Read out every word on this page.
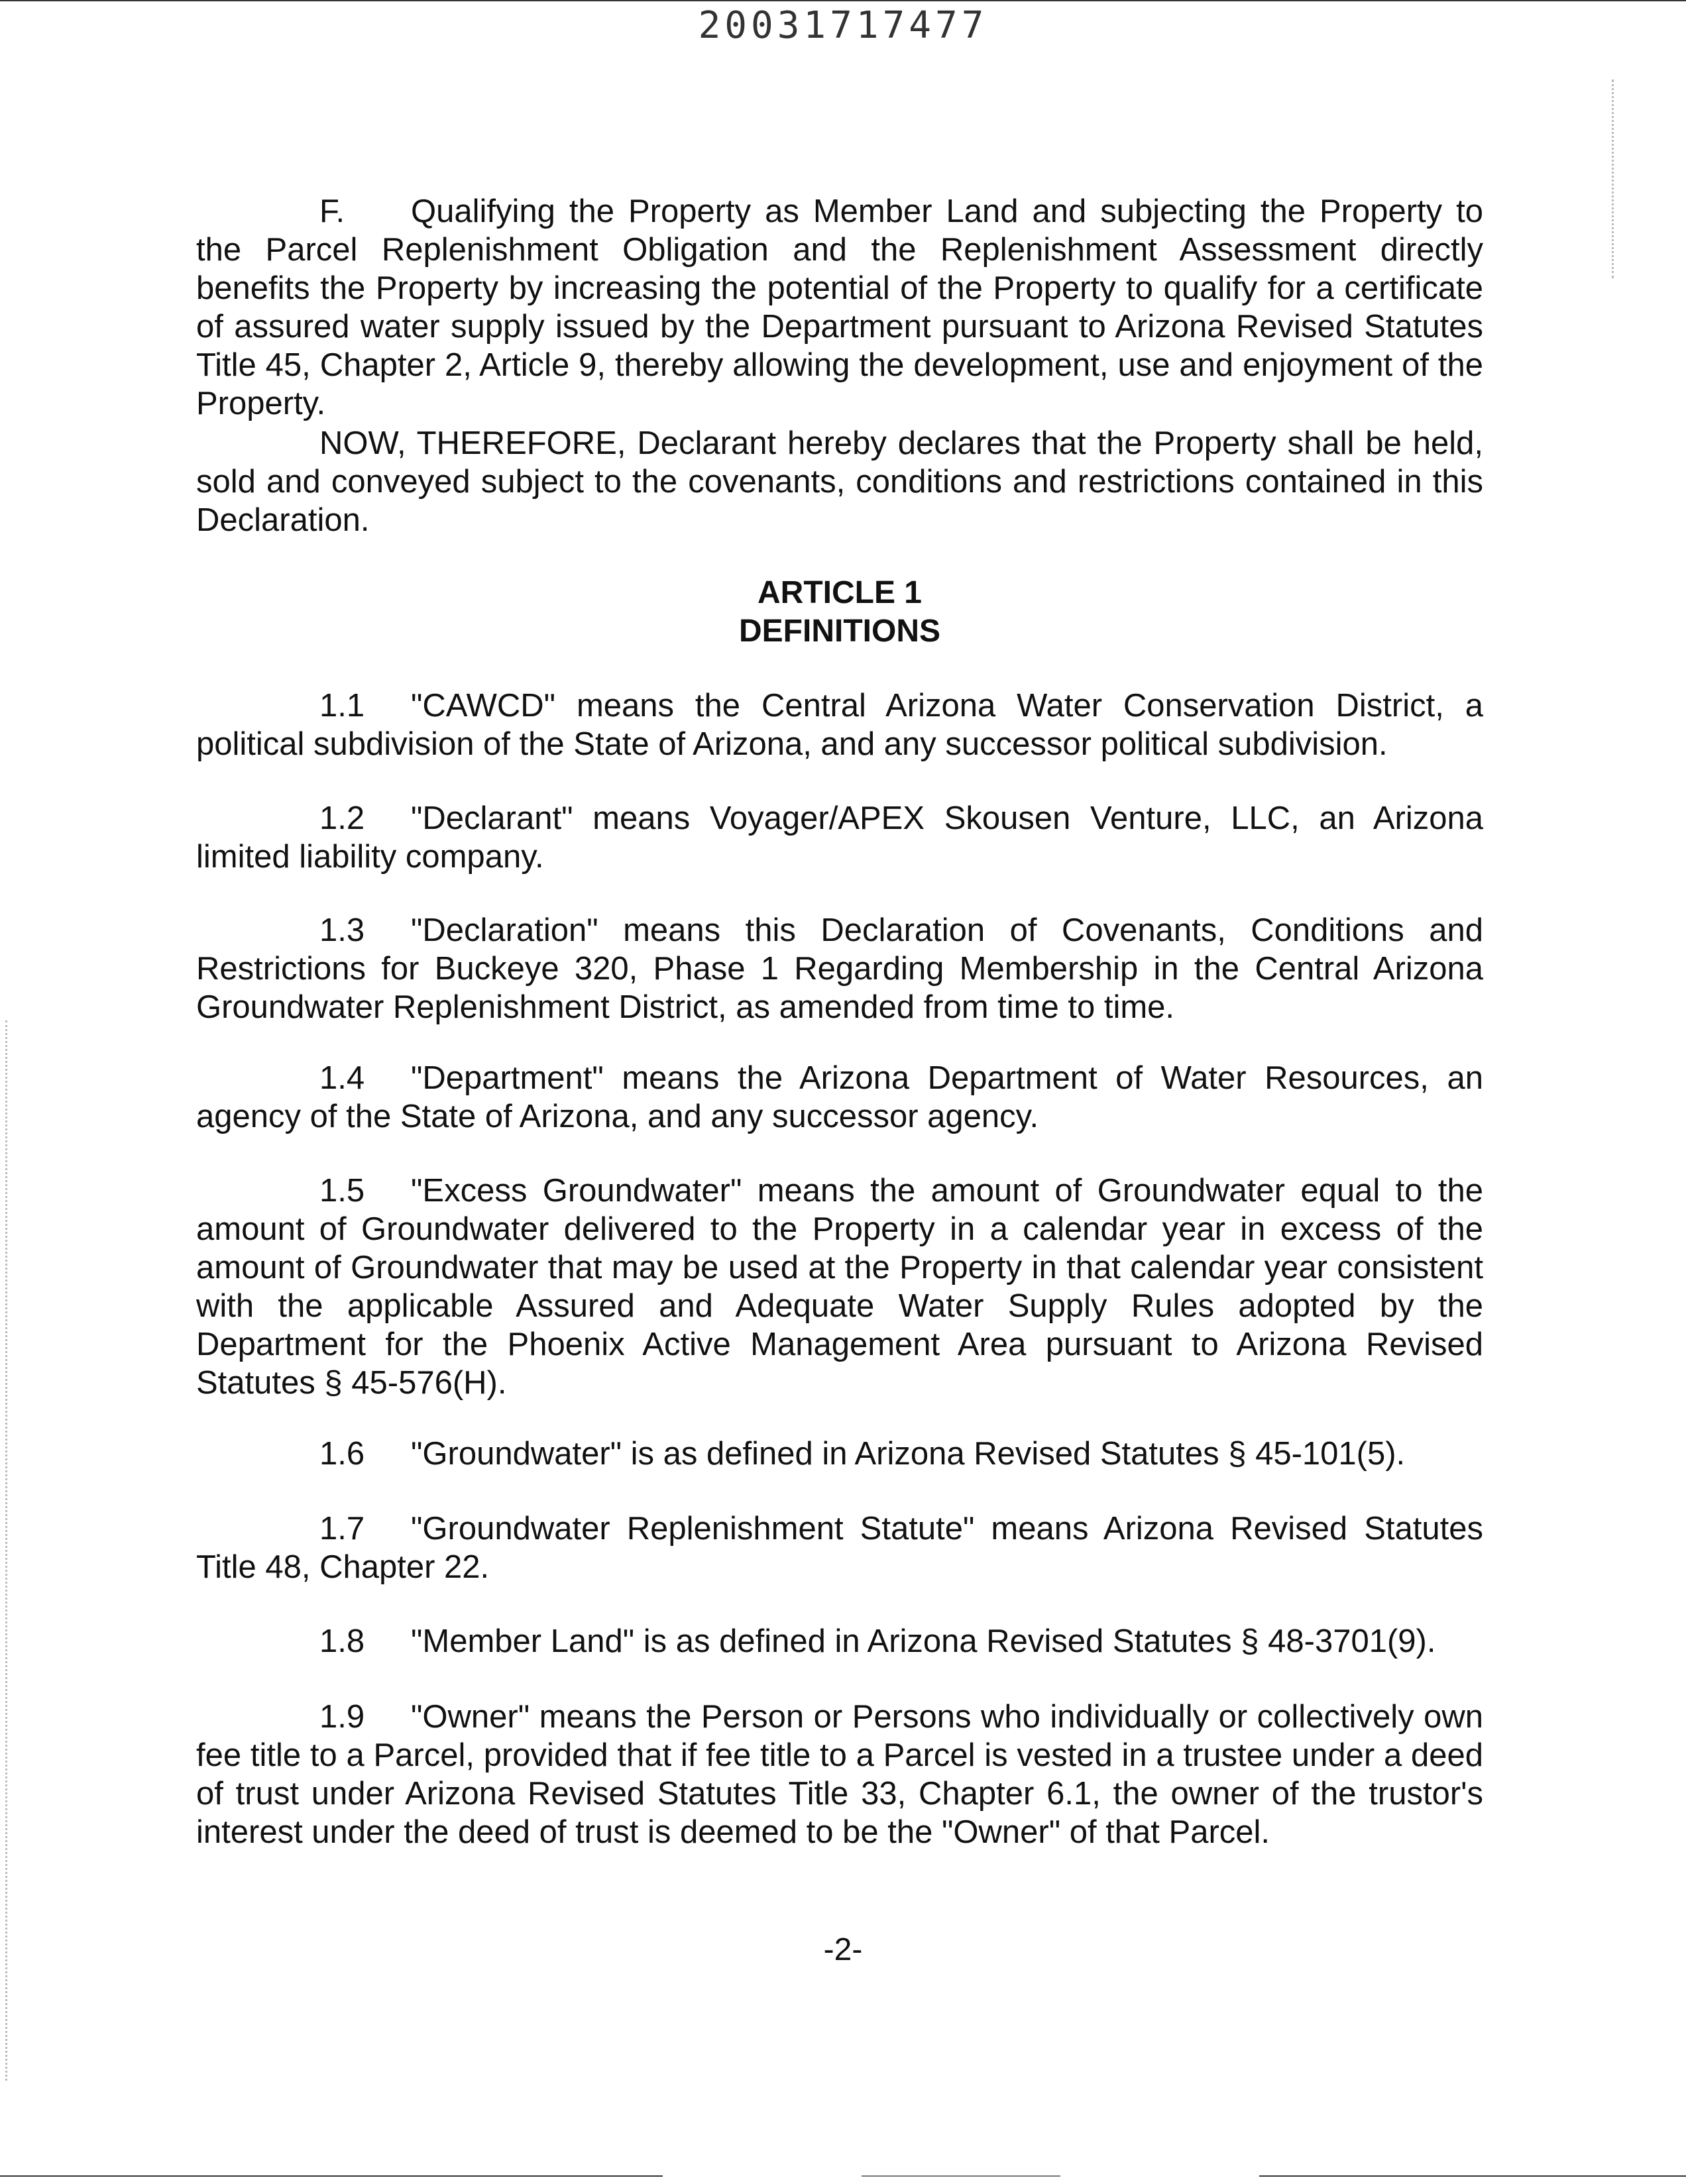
20031717477

F. Qualifying the Property as Member Land and subjecting the Property to the Parcel Replenishment Obligation and the Replenishment Assessment directly benefits the Property by increasing the potential of the Property to qualify for a certificate of assured water supply issued by the Department pursuant to Arizona Revised Statutes Title 45, Chapter 2, Article 9, thereby allowing the development, use and enjoyment of the Property.

NOW, THEREFORE, Declarant hereby declares that the Property shall be held, sold and conveyed subject to the covenants, conditions and restrictions contained in this Declaration.

ARTICLE 1

DEFINITIONS

1.1 "CAWCD" means the Central Arizona Water Conservation District, a political subdivision of the State of Arizona, and any successor political subdivision.

1.2 "Declarant" means Voyager/APEX Skousen Venture, LLC, an Arizona limited liability company.

1.3 "Declaration" means this Declaration of Covenants, Conditions and Restrictions for Buckeye 320, Phase 1 Regarding Membership in the Central Arizona Groundwater Replenishment District, as amended from time to time.

1.4 "Department" means the Arizona Department of Water Resources, an agency of the State of Arizona, and any successor agency.

1.5 "Excess Groundwater" means the amount of Groundwater equal to the amount of Groundwater delivered to the Property in a calendar year in excess of the amount of Groundwater that may be used at the Property in that calendar year consistent with the applicable Assured and Adequate Water Supply Rules adopted by the Department for the Phoenix Active Management Area pursuant to Arizona Revised Statutes § 45-576(H).

1.6 "Groundwater" is as defined in Arizona Revised Statutes § 45-101(5).

1.7 "Groundwater Replenishment Statute" means Arizona Revised Statutes Title 48, Chapter 22.

1.8 "Member Land" is as defined in Arizona Revised Statutes § 48-3701(9).

1.9 "Owner" means the Person or Persons who individually or collectively own fee title to a Parcel, provided that if fee title to a Parcel is vested in a trustee under a deed of trust under Arizona Revised Statutes Title 33, Chapter 6.1, the owner of the trustor's interest under the deed of trust is deemed to be the "Owner" of that Parcel.

-2-
